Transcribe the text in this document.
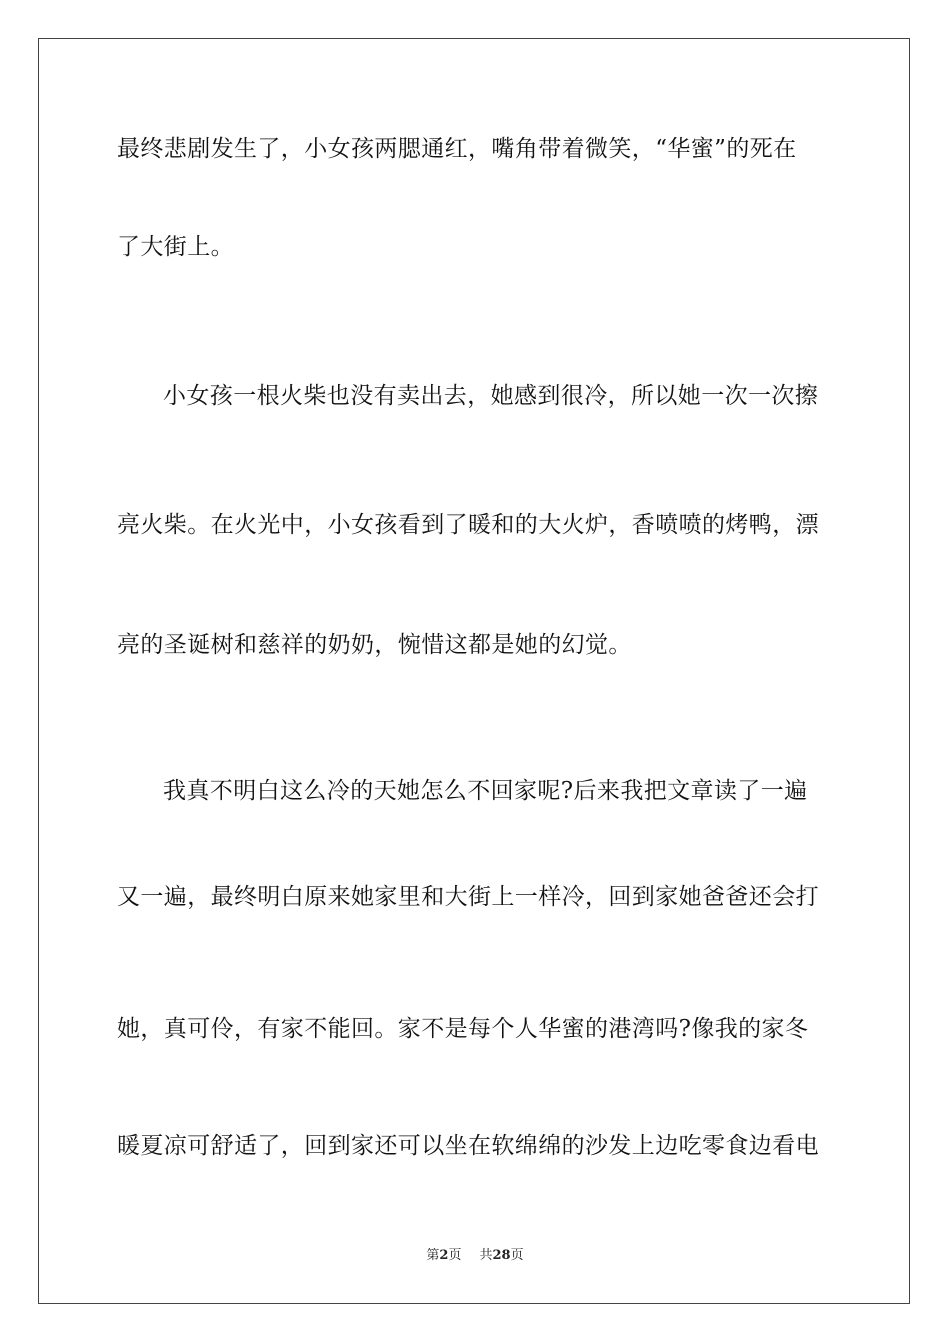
最终悲剧发生了，小女孩两腮通红，嘴角带着微笑，“华蜜”的死在
了大街上。
小女孩一根火柴也没有卖出去，她感到很冷，所以她一次一次擦
亮火柴。在火光中，小女孩看到了暖和的大火炉，香喷喷的烤鸭，漂
亮的圣诞树和慈祥的奶奶，惋惜这都是她的幻觉。
我真不明白这么冷的天她怎么不回家呢?后来我把文章读了一遍
又一遍，最终明白原来她家里和大街上一样冷，回到家她爸爸还会打
她，真可伶，有家不能回。家不是每个人华蜜的港湾吗?像我的家冬
暖夏凉可舒适了，回到家还可以坐在软绵绵的沙发上边吃零食边看电
第2页 共28页
